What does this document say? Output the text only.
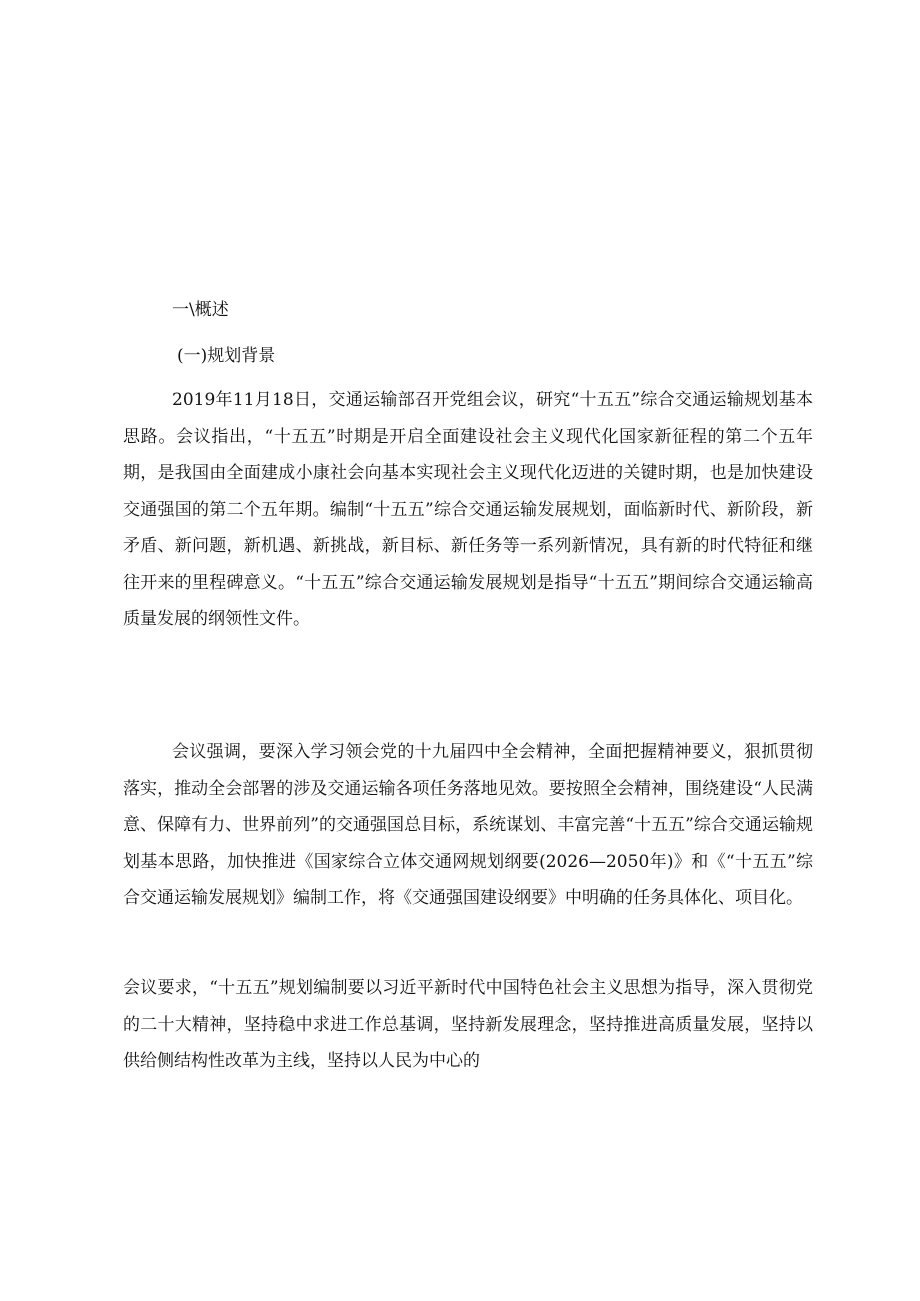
一\概述
(一)规划背景
2019年11月18日，交通运输部召开党组会议，研究“十五五”综合交通运输规划基本思路。会议指出，“十五五”时期是开启全面建设社会主义现代化国家新征程的第二个五年期，是我国由全面建成小康社会向基本实现社会主义现代化迈进的关键时期，也是加快建设交通强国的第二个五年期。编制“十五五”综合交通运输发展规划，面临新时代、新阶段，新矛盾、新问题，新机遇、新挑战，新目标、新任务等一系列新情况，具有新的时代特征和继往开来的里程碑意义。“十五五”综合交通运输发展规划是指导“十五五”期间综合交通运输高质量发展的纲领性文件。
会议强调，要深入学习领会党的十九届四中全会精神，全面把握精神要义，狠抓贯彻落实，推动全会部署的涉及交通运输各项任务落地见效。要按照全会精神，围绕建设“人民满意、保障有力、世界前列”的交通强国总目标，系统谋划、丰富完善“十五五”综合交通运输规划基本思路，加快推进《国家综合立体交通网规划纲要(2026—2050年)》和《“十五五”综合交通运输发展规划》编制工作，将《交通强国建设纲要》中明确的任务具体化、项目化。
会议要求，“十五五”规划编制要以习近平新时代中国特色社会主义思想为指导，深入贯彻党的二十大精神，坚持稳中求进工作总基调，坚持新发展理念，坚持推进高质量发展，坚持以供给侧结构性改革为主线，坚持以人民为中心的
